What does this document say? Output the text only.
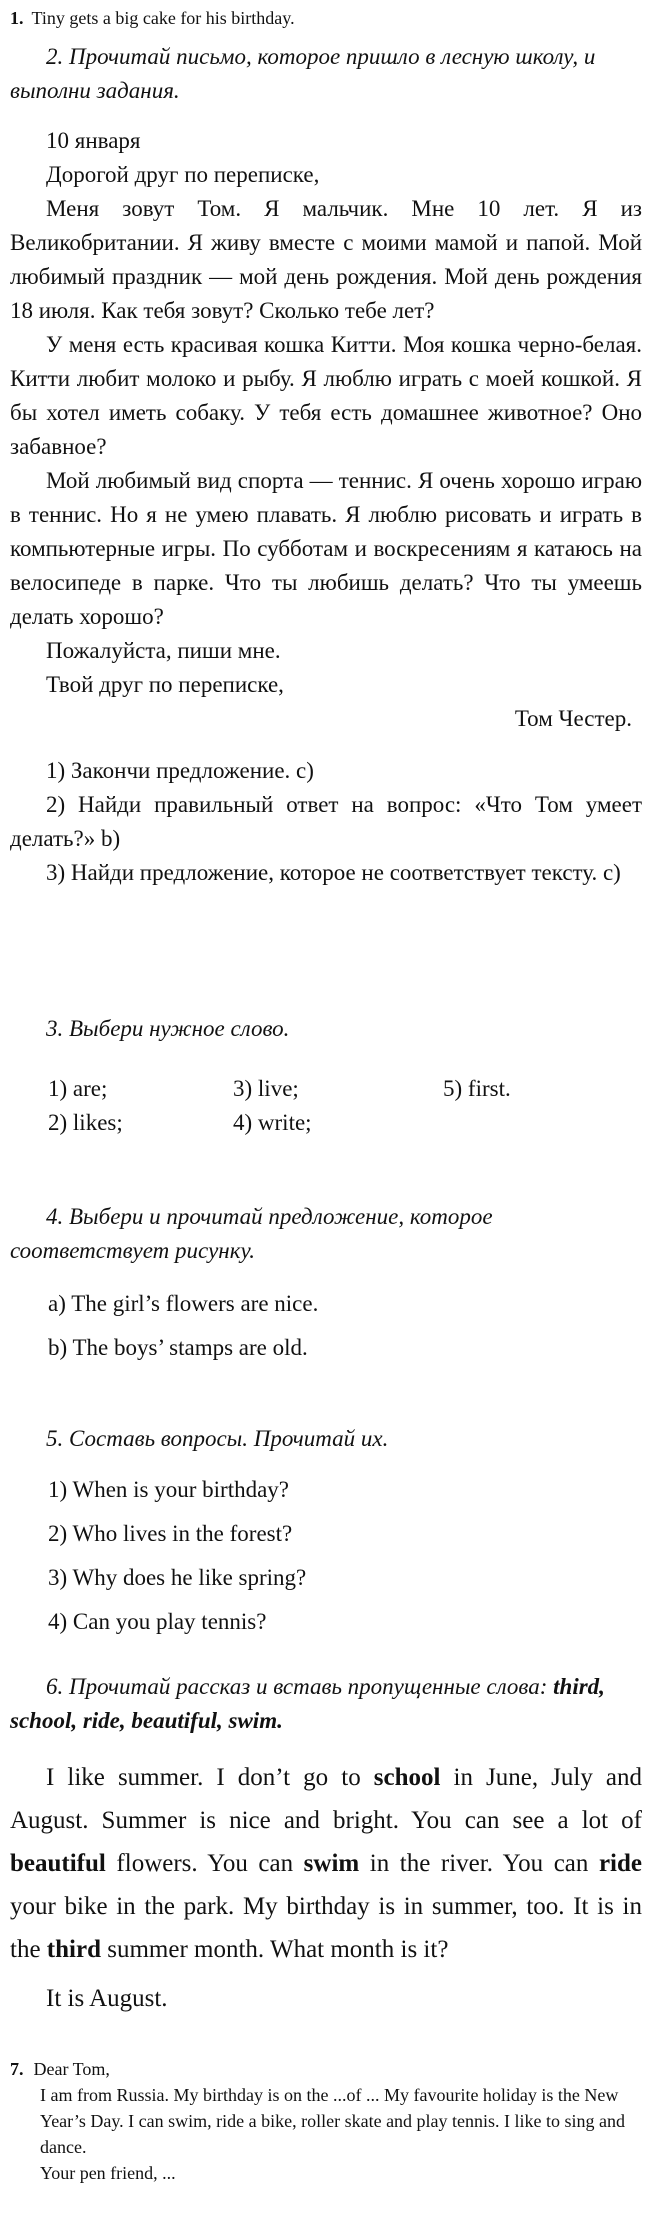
1. Tiny gets a big cake for his birthday.
2. Прочитай письмо, которое пришло в лесную школу, и выполни задания.
10 января
Дорогой друг по переписке,
Меня зовут Том. Я мальчик. Мне 10 лет. Я из Великобритании. Я живу вместе с моими мамой и папой. Мой любимый праздник — мой день рождения. Мой день рождения 18 июля. Как тебя зовут? Сколько тебе лет?
У меня есть красивая кошка Китти. Моя кошка черно-белая. Китти любит молоко и рыбу. Я люблю играть с моей кошкой. Я бы хотел иметь собаку. У тебя есть домашнее животное? Оно забавное?
Мой любимый вид спорта — теннис. Я очень хорошо играю в теннис. Но я не умею плавать. Я люблю рисовать и играть в компьютерные игры. По субботам и воскресениям я катаюсь на велосипеде в парке. Что ты любишь делать? Что ты умеешь делать хорошо?
Пожалуйста, пиши мне.
Твой друг по переписке,
Том Честер.
1) Закончи предложение. c)
2) Найди правильный ответ на вопрос: «Что Том умеет делать?» b)
3) Найди предложение, которое не соответствует тексту. c)
3. Выбери нужное слово.
1) are;	3) live;	5) first.
2) likes;	4) write;
4. Выбери и прочитай предложение, которое соответствует рисунку.
a) The girl’s flowers are nice.
b) The boys’ stamps are old.
5. Составь вопросы. Прочитай их.
1) When is your birthday?
2) Who lives in the forest?
3) Why does he like spring?
4) Can you play tennis?
6. Прочитай рассказ и вставь пропущенные слова: third, school, ride, beautiful, swim.
I like summer. I don’t go to school in June, July and August. Summer is nice and bright. You can see a lot of beautiful flowers. You can swim in the river. You can ride your bike in the park. My birthday is in summer, too. It is in the third summer month. What month is it?
It is August.
7. Dear Tom,
I am from Russia. My birthday is on the ...of ... My favourite holiday is the New Year’s Day. I can swim, ride a bike, roller skate and play tennis. I like to sing and dance.
Your pen friend, ...
